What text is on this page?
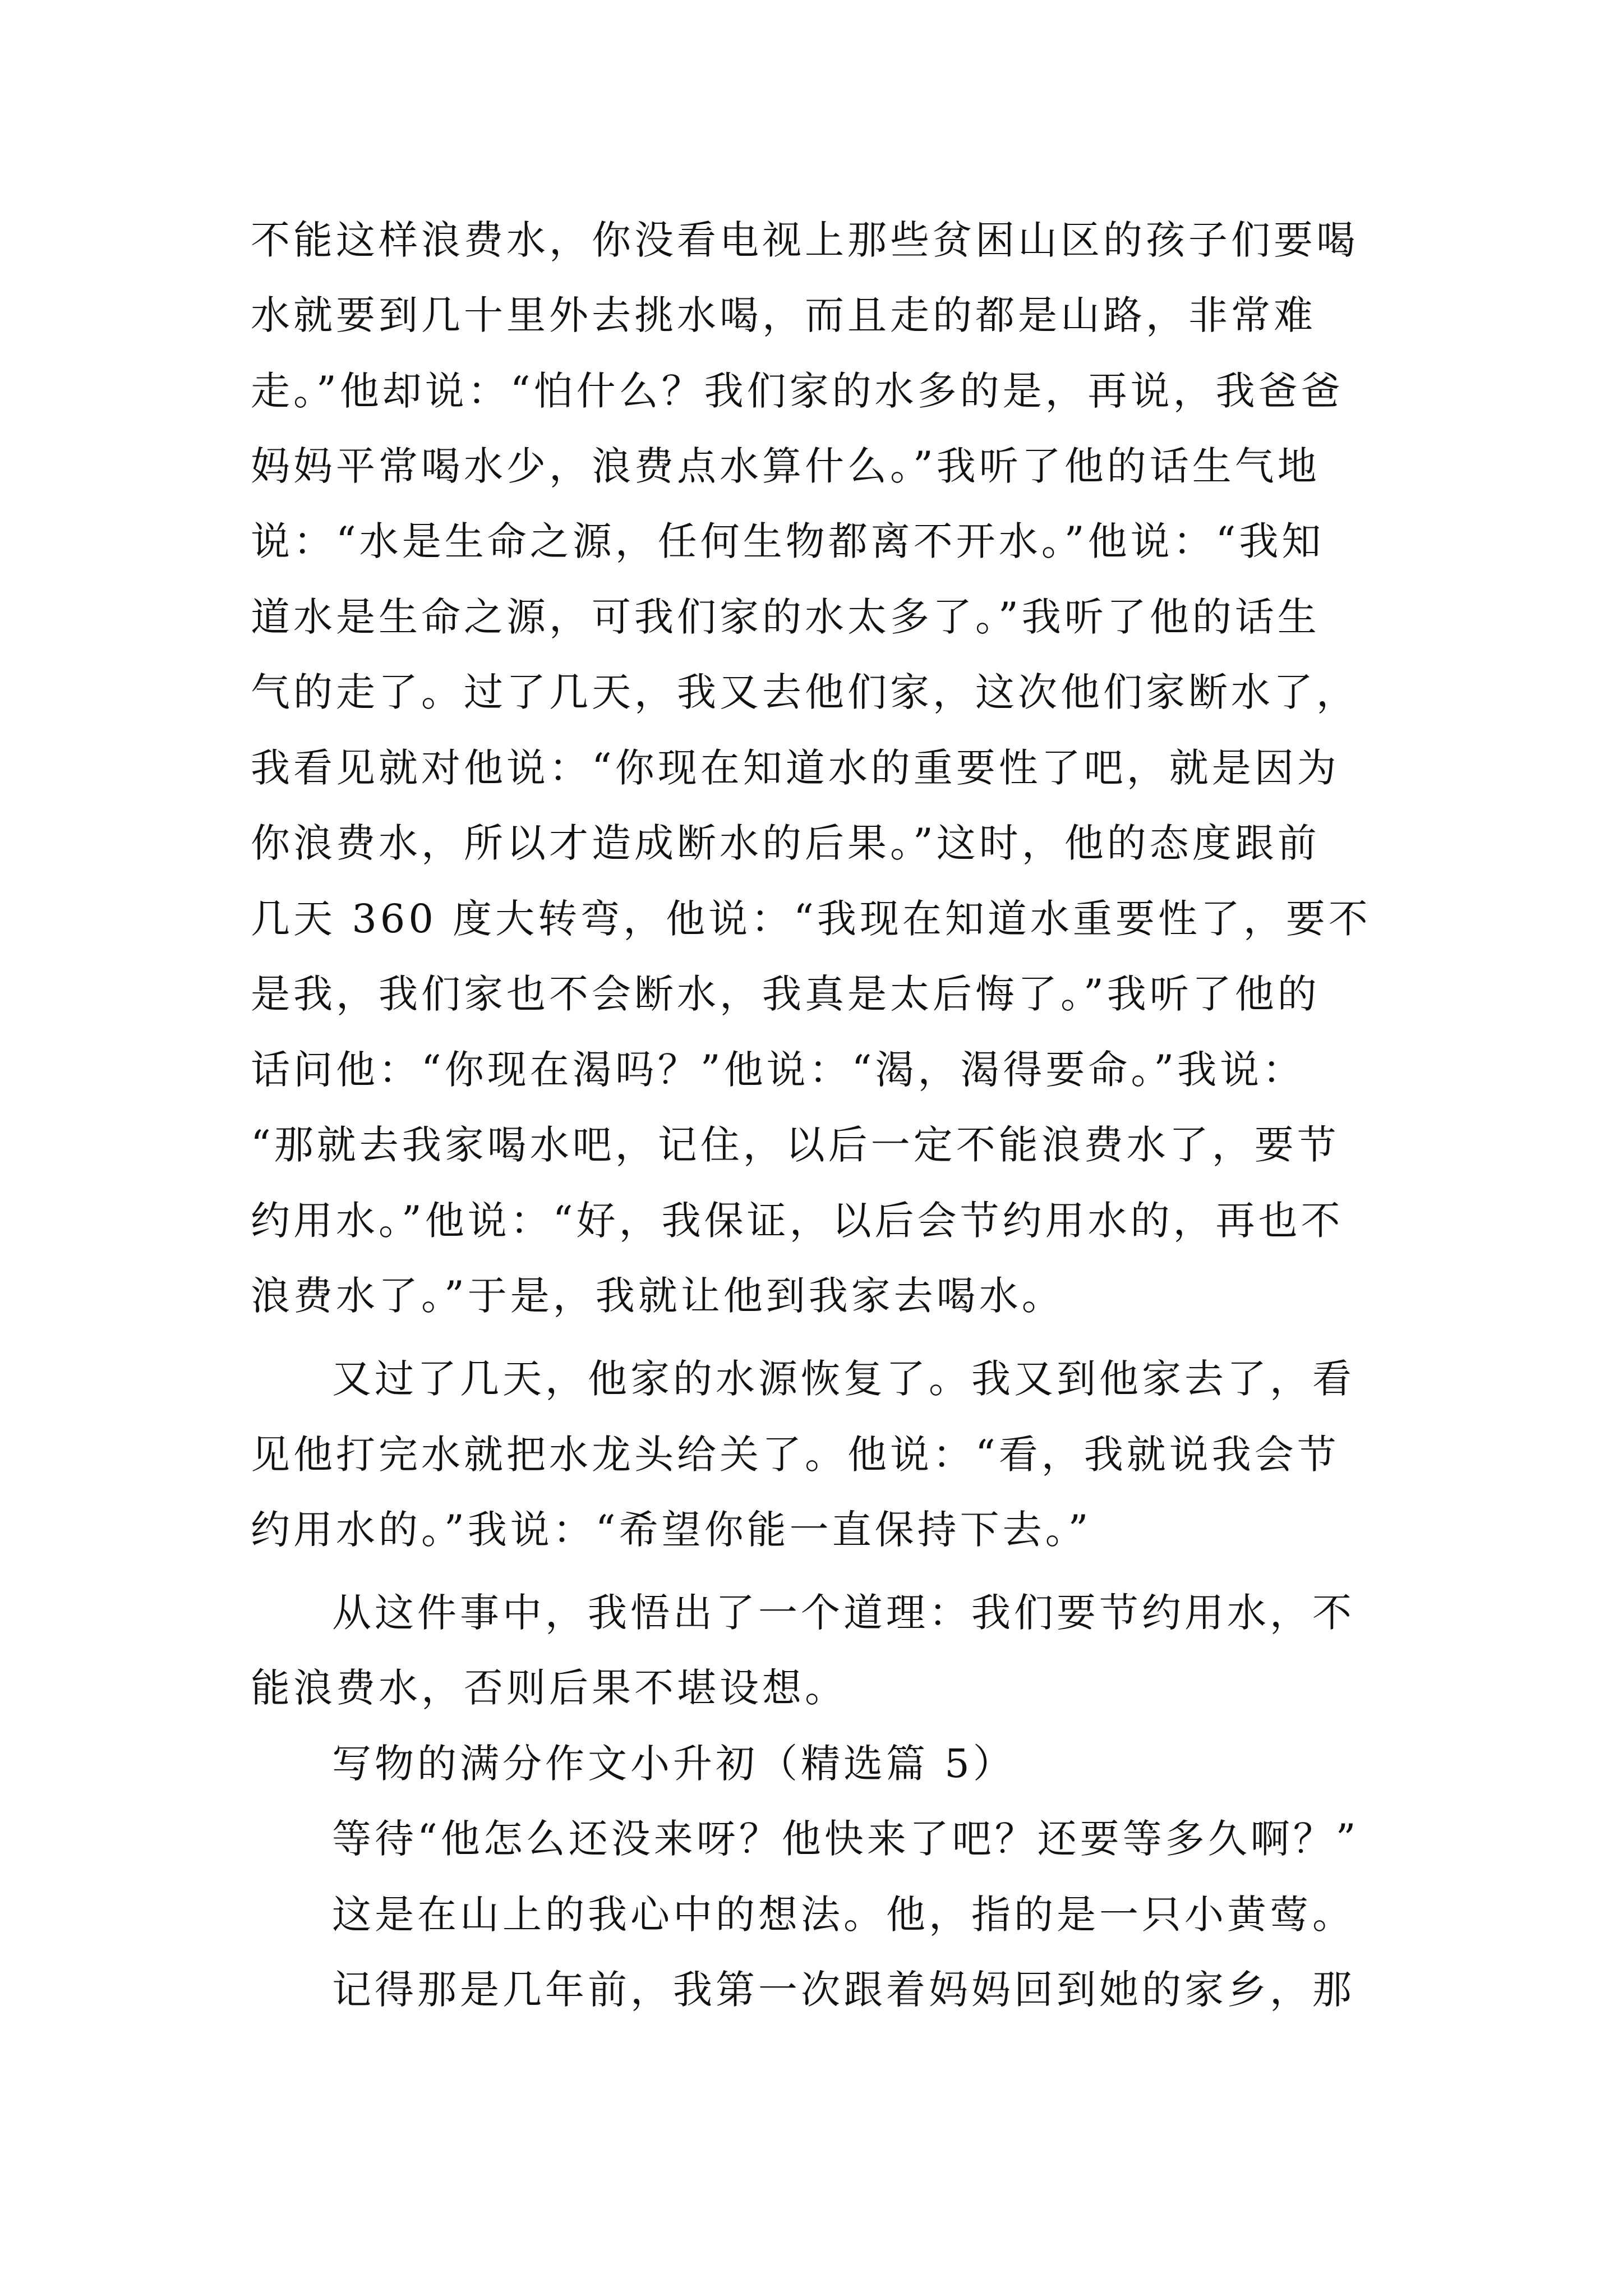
不能这样浪费水，你没看电视上那些贫困山区的孩子们要喝
水就要到几十里外去挑水喝，而且走的都是山路，非常难
走。”他却说：“怕什么？我们家的水多的是，再说，我爸爸
妈妈平常喝水少，浪费点水算什么。”我听了他的话生气地
说：“水是生命之源，任何生物都离不开水。”他说：“我知
道水是生命之源，可我们家的水太多了。”我听了他的话生
气的走了。过了几天，我又去他们家，这次他们家断水了，
我看见就对他说：“你现在知道水的重要性了吧，就是因为
你浪费水，所以才造成断水的后果。”这时，他的态度跟前
几天 360 度大转弯，他说：“我现在知道水重要性了，要不
是我，我们家也不会断水，我真是太后悔了。”我听了他的
话问他：“你现在渴吗？”他说：“渴，渴得要命。”我说：
“那就去我家喝水吧，记住，以后一定不能浪费水了，要节
约用水。”他说：“好，我保证，以后会节约用水的，再也不
浪费水了。”于是，我就让他到我家去喝水。
又过了几天，他家的水源恢复了。我又到他家去了，看
见他打完水就把水龙头给关了。他说：“看，我就说我会节
约用水的。”我说：“希望你能一直保持下去。”
从这件事中，我悟出了一个道理：我们要节约用水，不
能浪费水，否则后果不堪设想。
写物的满分作文小升初（精选篇 5）
等待“他怎么还没来呀？他快来了吧？还要等多久啊？”
这是在山上的我心中的想法。他，指的是一只小黄莺。
记得那是几年前，我第一次跟着妈妈回到她的家乡，那
